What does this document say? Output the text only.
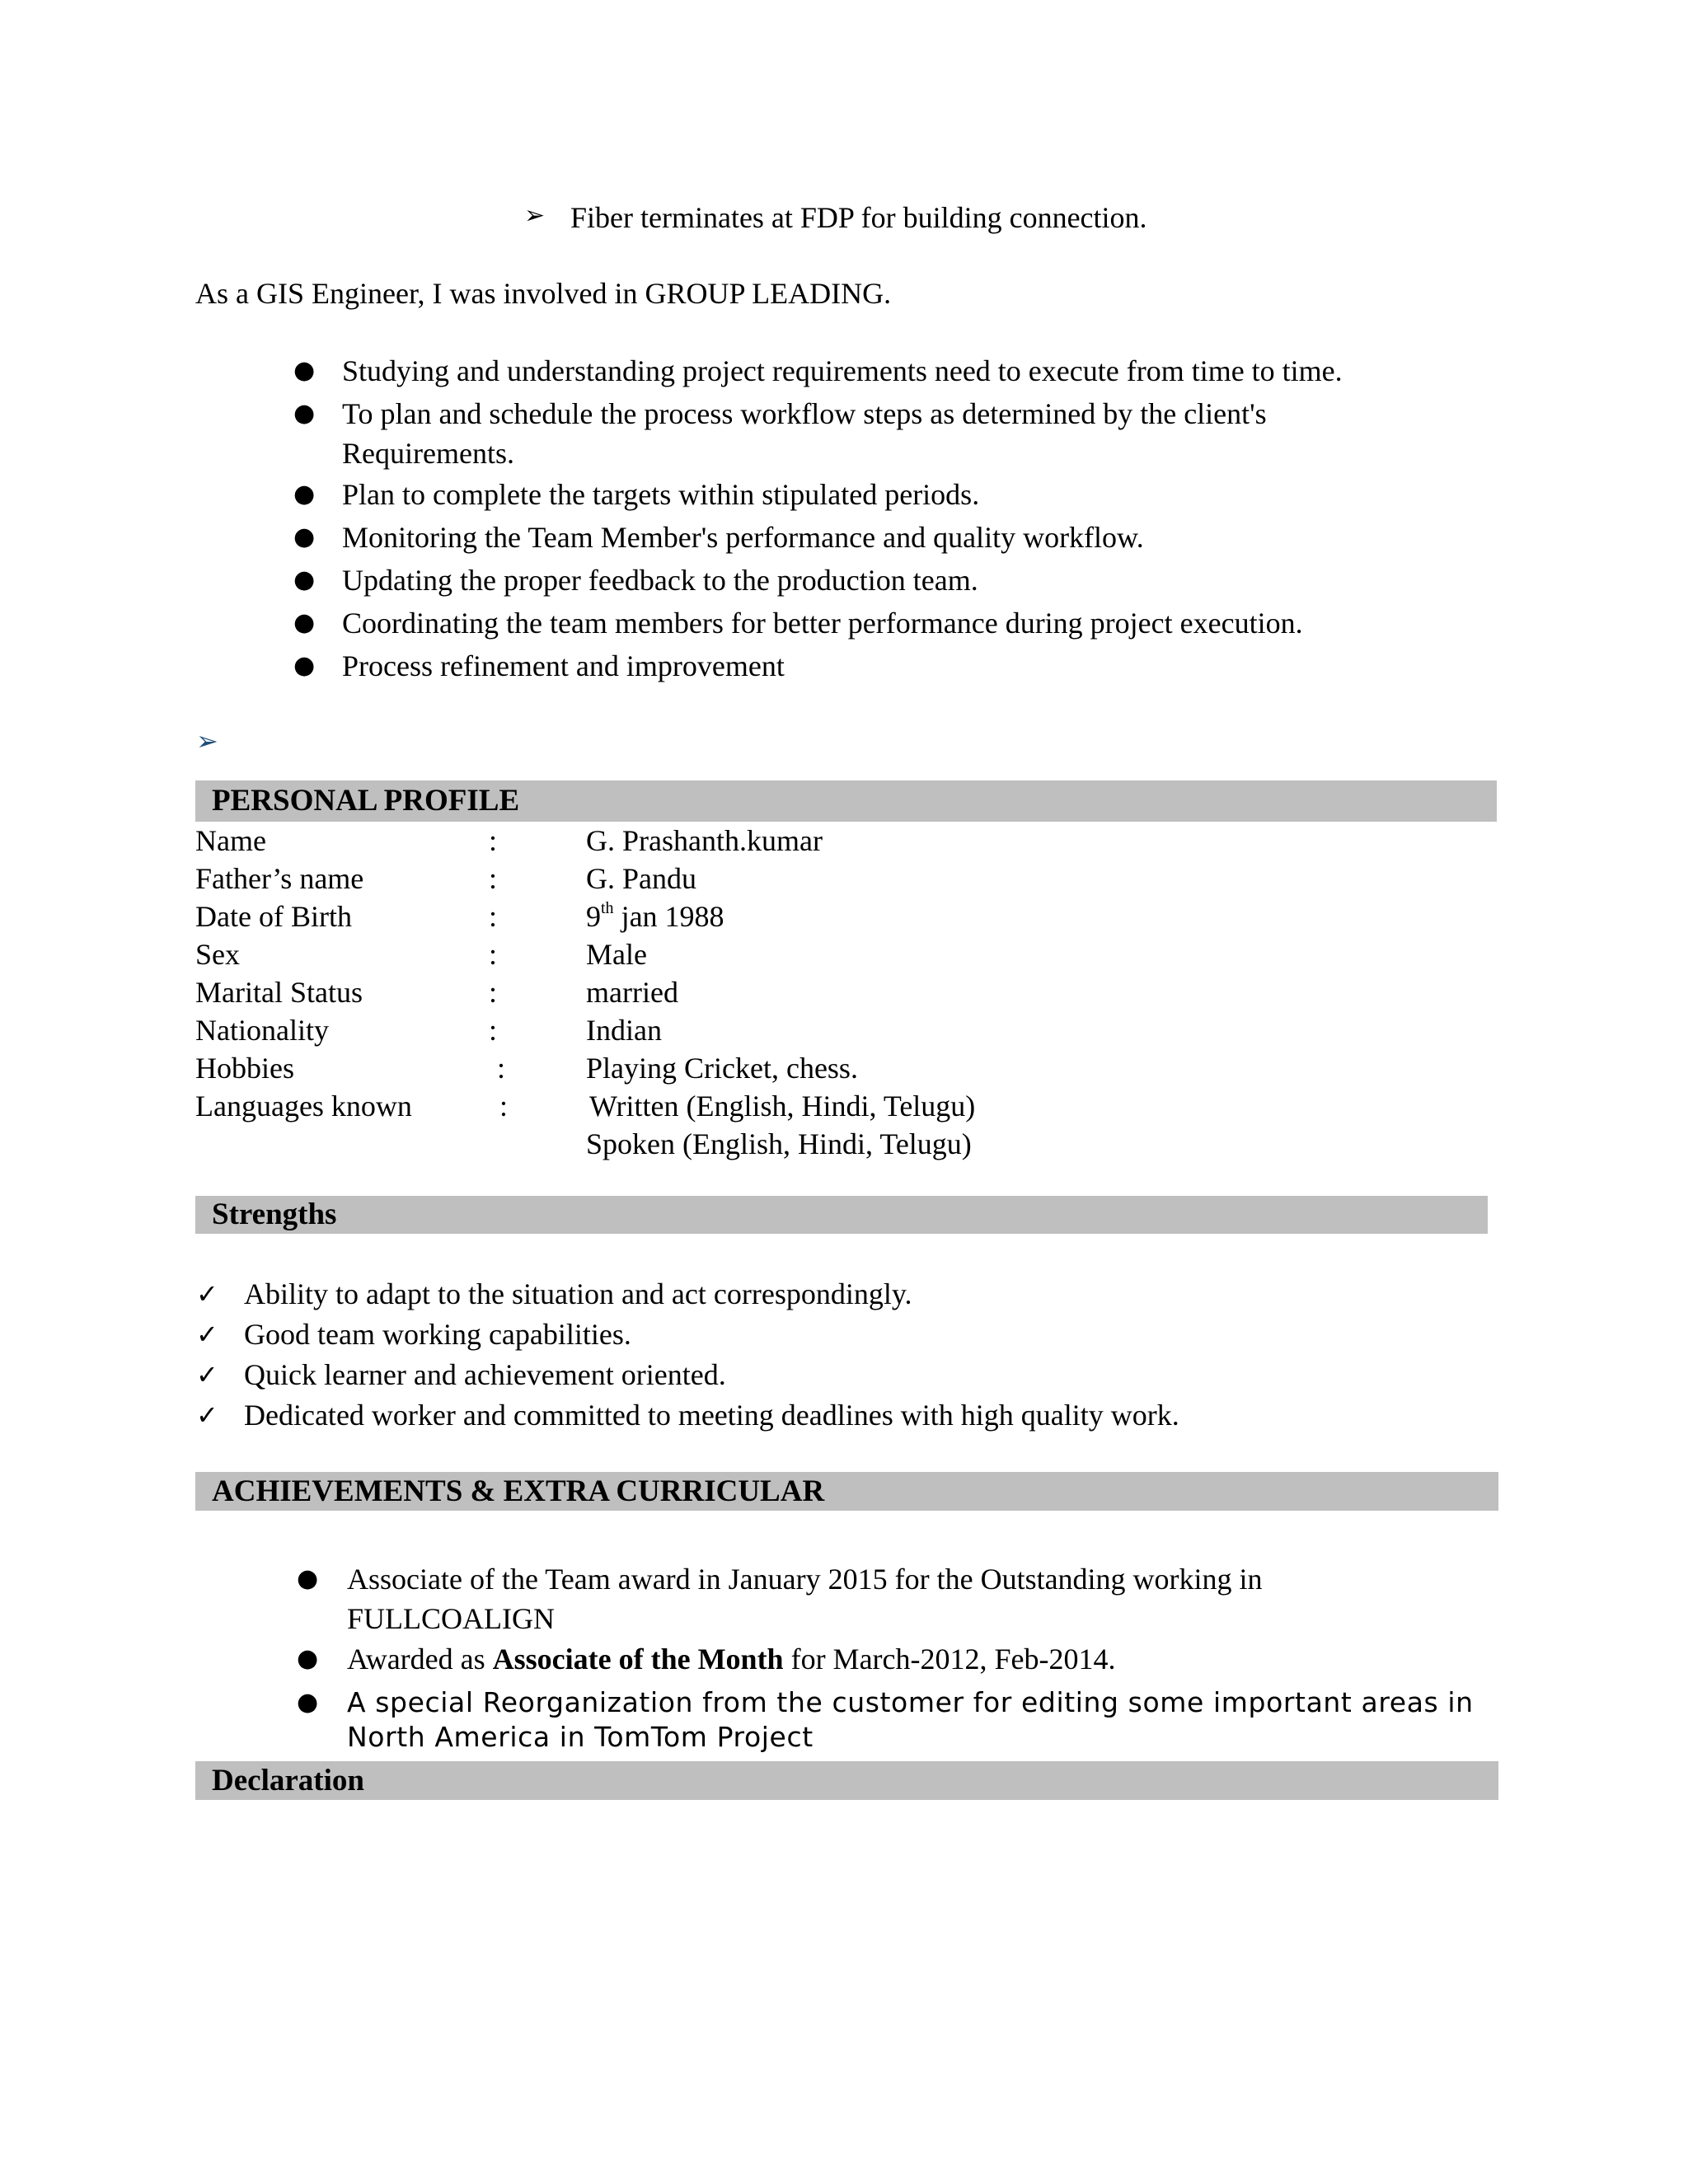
➢ Fiber terminates at FDP for building connection.
As a GIS Engineer, I was involved in GROUP LEADING.
● Studying and understanding project requirements need to execute from time to time.
● To plan and schedule the process workflow steps as determined by the client's
Requirements.
● Plan to complete the targets within stipulated periods.
● Monitoring the Team Member's performance and quality workflow.
● Updating the proper feedback to the production team.
● Coordinating the team members for better performance during project execution.
● Process refinement and improvement
➢
PERSONAL PROFILE
Name	:	G. Prashanth.kumar
Father’s name	:	G. Pandu
Date of Birth	:	9th jan 1988
Sex	:	Male
Marital Status	:	married
Nationality	:	Indian
Hobbies	:	Playing Cricket, chess.
Languages known	:	Written (English, Hindi, Telugu)
Spoken (English, Hindi, Telugu)
Strengths
✓ Ability to adapt to the situation and act correspondingly.
✓ Good team working capabilities.
✓ Quick learner and achievement oriented.
✓ Dedicated worker and committed to meeting deadlines with high quality work.
ACHIEVEMENTS & EXTRA CURRICULAR
● Associate of the Team award in January 2015 for the Outstanding working in
FULLCOALIGN
● Awarded as Associate of the Month for March-2012, Feb-2014.
● A special Reorganization from the customer for editing some important areas in
North America in TomTom Project
Declaration
